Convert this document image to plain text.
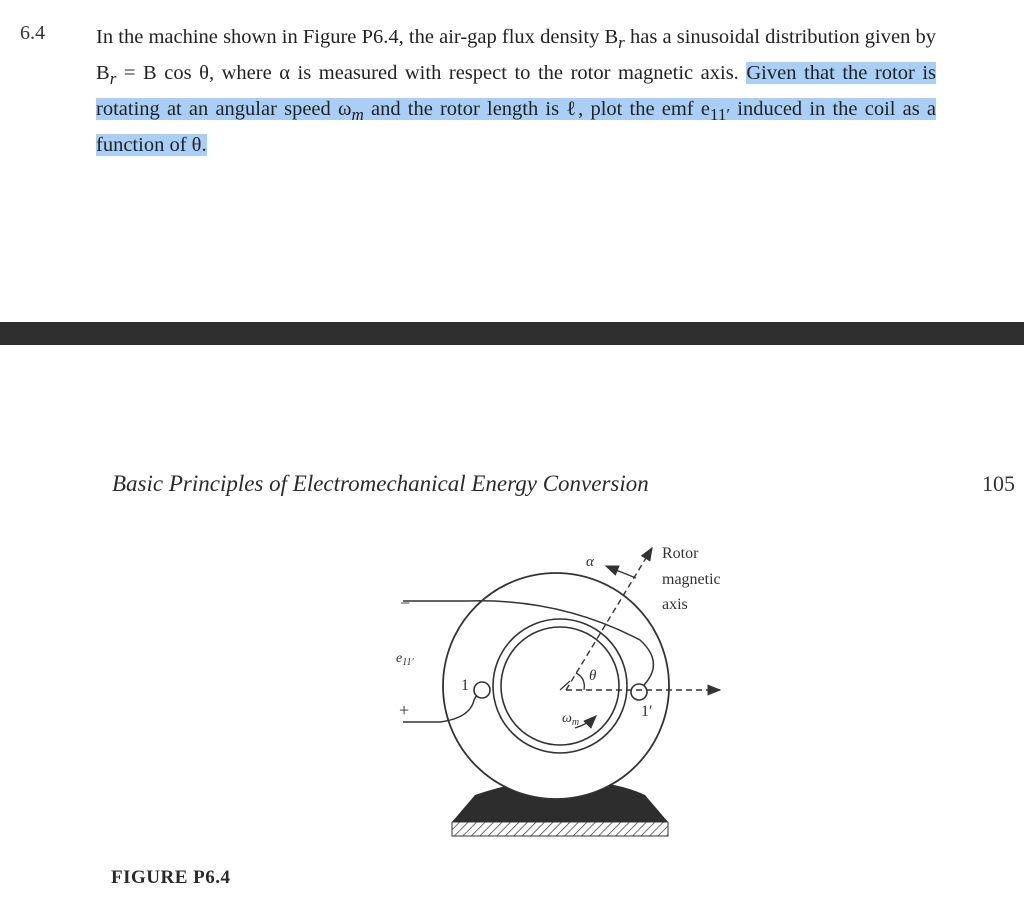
6.4 In the machine shown in Figure P6.4, the air-gap flux density $B_r$ has a sinusoidal distribution given by $B_r = B$ cos θ, where α is measured with respect to the rotor magnetic axis. Given that the rotor is rotating at an angular speed $\omega_m$ and the rotor length is ℓ, plot the emf $e_{11'}$ induced in the coil as a function of θ.
Basic Principles of Electromechanical Energy Conversion	105
α	Rotor
magnetic
axis
−
$e_{11'}$
+
1
1′
θ
$\omega_m$
FIGURE P6.4
